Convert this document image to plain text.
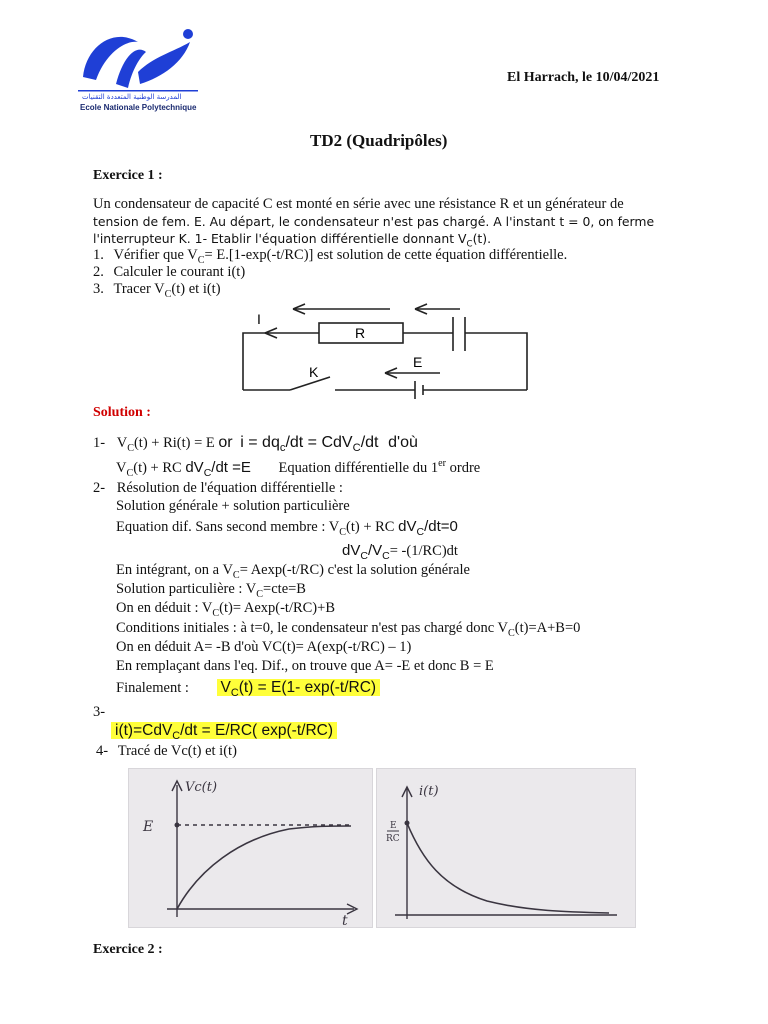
المدرسة الوطنية المتعددة التقنيات
Ecole Nationale Polytechnique
El Harrach, le 10/04/2021
TD2 (Quadripôles)
Exercice 1 :
Un condensateur de capacité C est monté en série avec une résistance R et un générateur de
tension de fem. E. Au départ, le condensateur n'est pas chargé. A l'instant t = 0, on ferme
l'interrupteur K. 1- Etablir l'équation différentielle donnant $V_C(t)$.
1. Vérifier que $V_C= E.[1-\exp(-t/RC)]$ est solution de cette équation différentielle.
2. Calculer le courant i(t)
3. Tracer $V_C(t)$ et i(t)
I
R
K
E
Solution :
1- $V_C(t) + Ri(t) = E$ or $i = dq_c/dt = CdV_C/dt$ d'où
$V_C(t)$ + RC $dV_C/dt =E$ Equation différentielle du 1er ordre
2- Résolution de l'équation différentielle :
Solution générale + solution particulière
Equation dif. Sans second membre : $V_C(t)$ + RC $dV_C/dt=0$
$dV_C/V_C= -(1/RC)dt$
En intégrant, on a $V_C= Aexp(-t/RC)$ c'est la solution générale
Solution particulière : $V_C=cte=B$
On en déduit : $V_C(t)= Aexp(-t/RC)+B$
Conditions initiales : à t=0, le condensateur n'est pas chargé donc $V_C(t)=A+B=0$
On en déduit A= -B d'où VC(t)= A(exp(-t/RC) – 1)
En remplaçant dans l'eq. Dif., on trouve que A= -E et donc B = E
Finalement : $V_C(t) = E(1-$ exp(-t/RC)
3-
i(t)=CdV$_C$/dt = E/RC( exp(-t/RC)
4- Tracé de Vc(t) et i(t)
E
Vc(t)
t
i(t)
E
RC
Exercice 2 :
